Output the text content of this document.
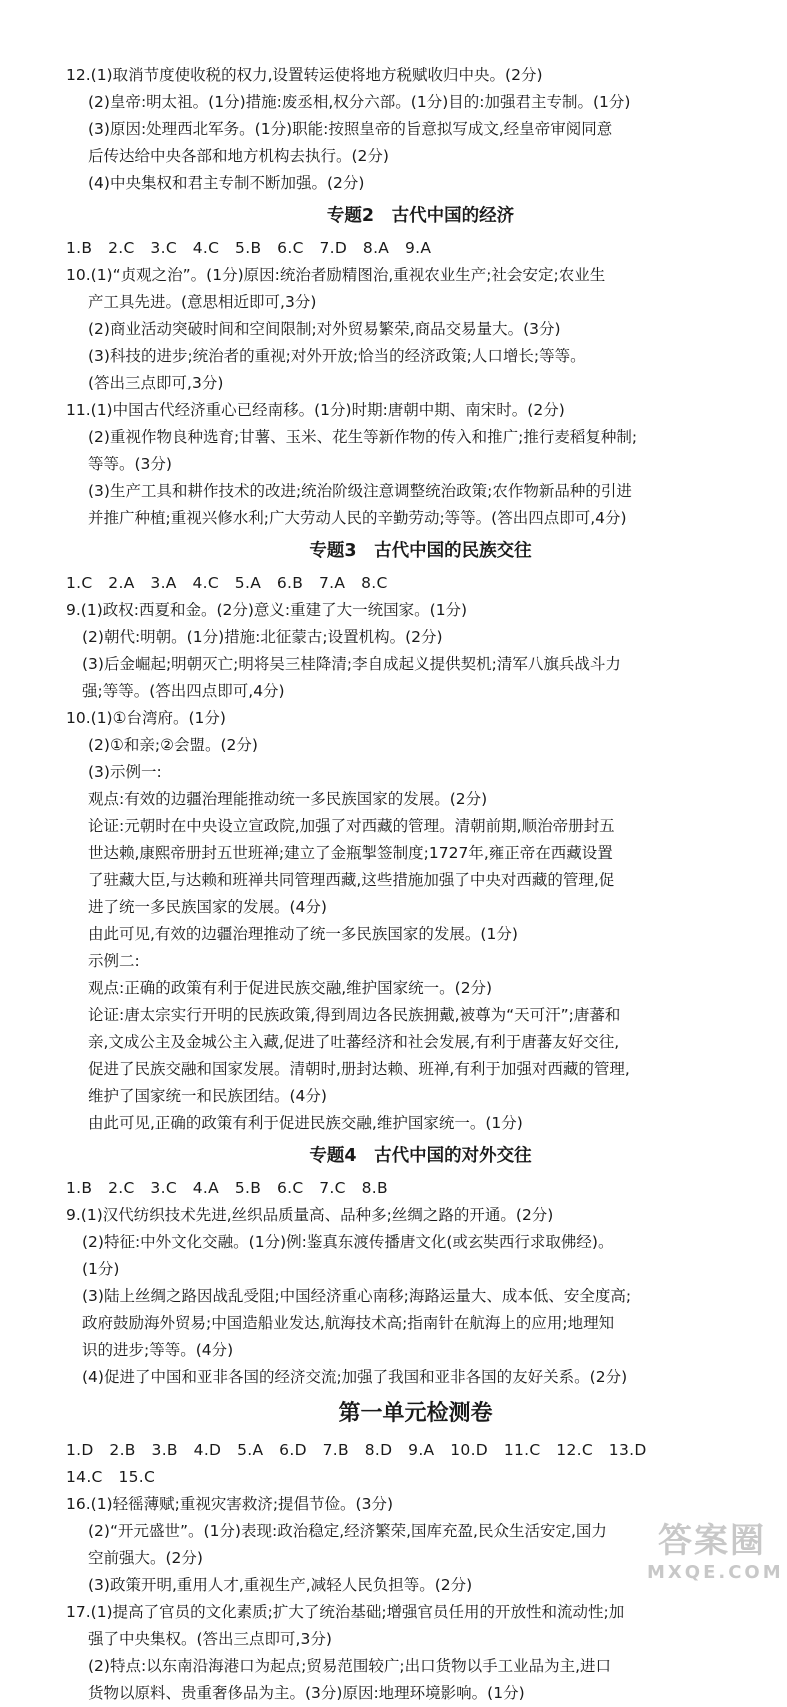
12.(1)取消节度使收税的权力,设置转运使将地方税赋收归中央。(2分)
(2)皇帝:明太祖。(1分)措施:废丞相,权分六部。(1分)目的:加强君主专制。(1分)
(3)原因:处理西北军务。(1分)职能:按照皇帝的旨意拟写成文,经皇帝审阅同意
后传达给中央各部和地方机构去执行。(2分)
(4)中央集权和君主专制不断加强。(2分)
专题2　古代中国的经济
1.B　2.C　3.C　4.C　5.B　6.C　7.D　8.A　9.A
10.(1)“贞观之治”。(1分)原因:统治者励精图治,重视农业生产;社会安定;农业生
产工具先进。(意思相近即可,3分)
(2)商业活动突破时间和空间限制;对外贸易繁荣,商品交易量大。(3分)
(3)科技的进步;统治者的重视;对外开放;恰当的经济政策;人口增长;等等。
(答出三点即可,3分)
11.(1)中国古代经济重心已经南移。(1分)时期:唐朝中期、南宋时。(2分)
(2)重视作物良种选育;甘薯、玉米、花生等新作物的传入和推广;推行麦稻复种制;
等等。(3分)
(3)生产工具和耕作技术的改进;统治阶级注意调整统治政策;农作物新品种的引进
并推广种植;重视兴修水利;广大劳动人民的辛勤劳动;等等。(答出四点即可,4分)
专题3　古代中国的民族交往
1.C　2.A　3.A　4.C　5.A　6.B　7.A　8.C
9.(1)政权:西夏和金。(2分)意义:重建了大一统国家。(1分)
(2)朝代:明朝。(1分)措施:北征蒙古;设置机构。(2分)
(3)后金崛起;明朝灭亡;明将吴三桂降清;李自成起义提供契机;清军八旗兵战斗力
强;等等。(答出四点即可,4分)
10.(1)①台湾府。(1分)
(2)①和亲;②会盟。(2分)
(3)示例一:
观点:有效的边疆治理能推动统一多民族国家的发展。(2分)
论证:元朝时在中央设立宣政院,加强了对西藏的管理。清朝前期,顺治帝册封五
世达赖,康熙帝册封五世班禅;建立了金瓶掣签制度;1727年,雍正帝在西藏设置
了驻藏大臣,与达赖和班禅共同管理西藏,这些措施加强了中央对西藏的管理,促
进了统一多民族国家的发展。(4分)
由此可见,有效的边疆治理推动了统一多民族国家的发展。(1分)
示例二:
观点:正确的政策有利于促进民族交融,维护国家统一。(2分)
论证:唐太宗实行开明的民族政策,得到周边各民族拥戴,被尊为“天可汗”;唐蕃和
亲,文成公主及金城公主入藏,促进了吐蕃经济和社会发展,有利于唐蕃友好交往,
促进了民族交融和国家发展。清朝时,册封达赖、班禅,有利于加强对西藏的管理,
维护了国家统一和民族团结。(4分)
由此可见,正确的政策有利于促进民族交融,维护国家统一。(1分)
专题4　古代中国的对外交往
1.B　2.C　3.C　4.A　5.B　6.C　7.C　8.B
9.(1)汉代纺织技术先进,丝织品质量高、品种多;丝绸之路的开通。(2分)
(2)特征:中外文化交融。(1分)例:鉴真东渡传播唐文化(或玄奘西行求取佛经)。
(1分)
(3)陆上丝绸之路因战乱受阻;中国经济重心南移;海路运量大、成本低、安全度高;
政府鼓励海外贸易;中国造船业发达,航海技术高;指南针在航海上的应用;地理知
识的进步;等等。(4分)
(4)促进了中国和亚非各国的经济交流;加强了我国和亚非各国的友好关系。(2分)
第一单元检测卷
1.D　2.B　3.B　4.D　5.A　6.D　7.B　8.D　9.A　10.D　11.C　12.C　13.D
14.C　15.C
16.(1)轻徭薄赋;重视灾害救济;提倡节俭。(3分)
(2)“开元盛世”。(1分)表现:政治稳定,经济繁荣,国库充盈,民众生活安定,国力
空前强大。(2分)
(3)政策开明,重用人才,重视生产,减轻人民负担等。(2分)
17.(1)提高了官员的文化素质;扩大了统治基础;增强官员任用的开放性和流动性;加
强了中央集权。(答出三点即可,3分)
(2)特点:以东南沿海港口为起点;贸易范围较广;出口货物以手工业品为主,进口
货物以原料、贵重奢侈品为主。(3分)原因:地理环境影响。(1分)
答案圈
MXQE.COM
